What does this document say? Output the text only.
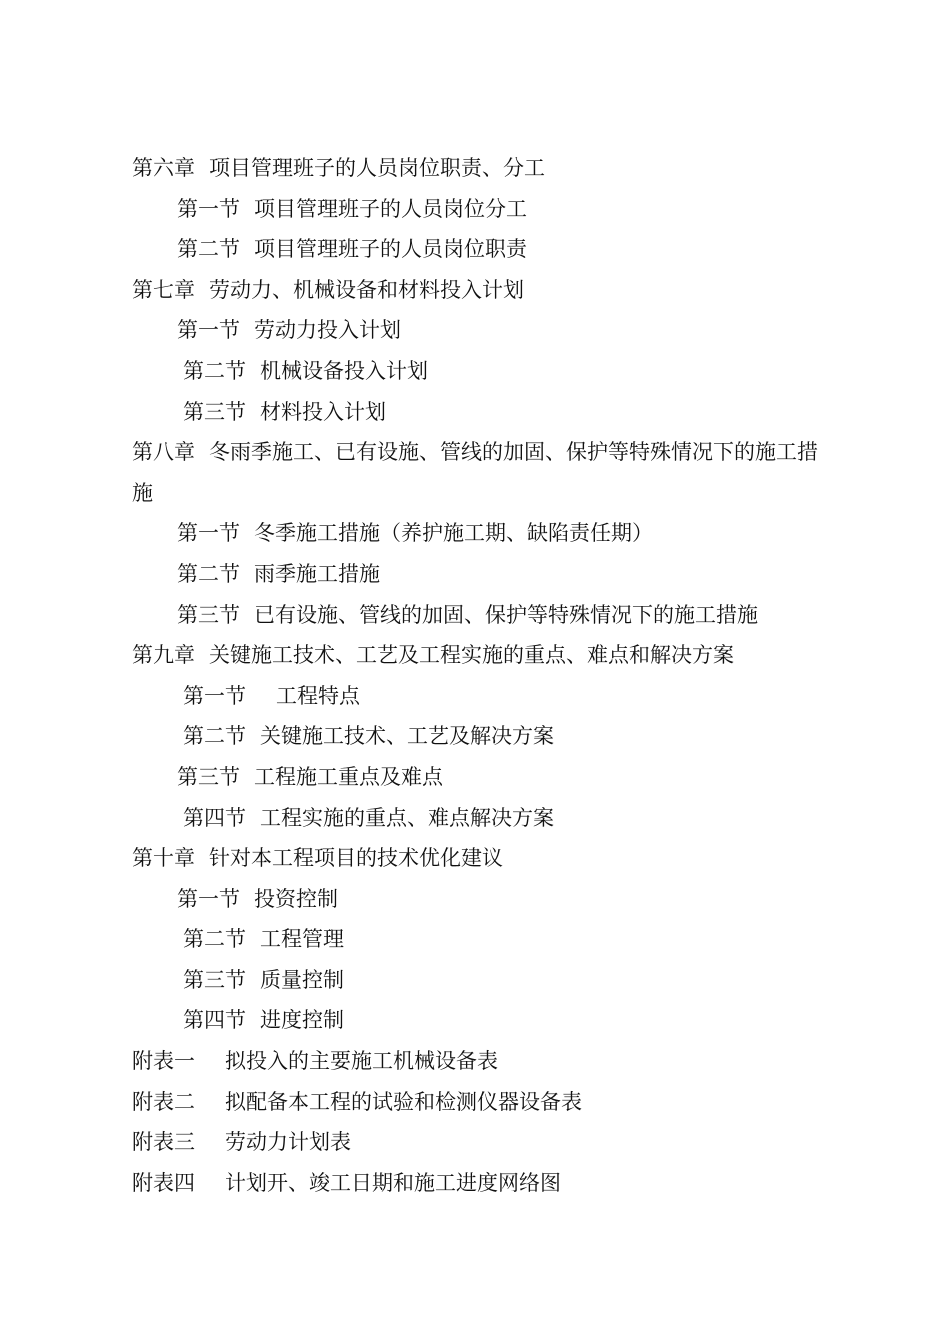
第六章 项目管理班子的人员岗位职责、分工
第一节 项目管理班子的人员岗位分工
第二节 项目管理班子的人员岗位职责
第七章 劳动力、机械设备和材料投入计划
第一节 劳动力投入计划
第二节 机械设备投入计划
第三节 材料投入计划
第八章 冬雨季施工、已有设施、管线的加固、保护等特殊情况下的施工措施
第一节 冬季施工措施（养护施工期、缺陷责任期）
第二节 雨季施工措施
第三节 已有设施、管线的加固、保护等特殊情况下的施工措施
第九章 关键施工技术、工艺及工程实施的重点、难点和解决方案
第一节 工程特点
第二节 关键施工技术、工艺及解决方案
第三节 工程施工重点及难点
第四节 工程实施的重点、难点解决方案
第十章 针对本工程项目的技术优化建议
第一节 投资控制
第二节 工程管理
第三节 质量控制
第四节 进度控制
附表一 拟投入的主要施工机械设备表
附表二 拟配备本工程的试验和检测仪器设备表
附表三 劳动力计划表
附表四 计划开、竣工日期和施工进度网络图
